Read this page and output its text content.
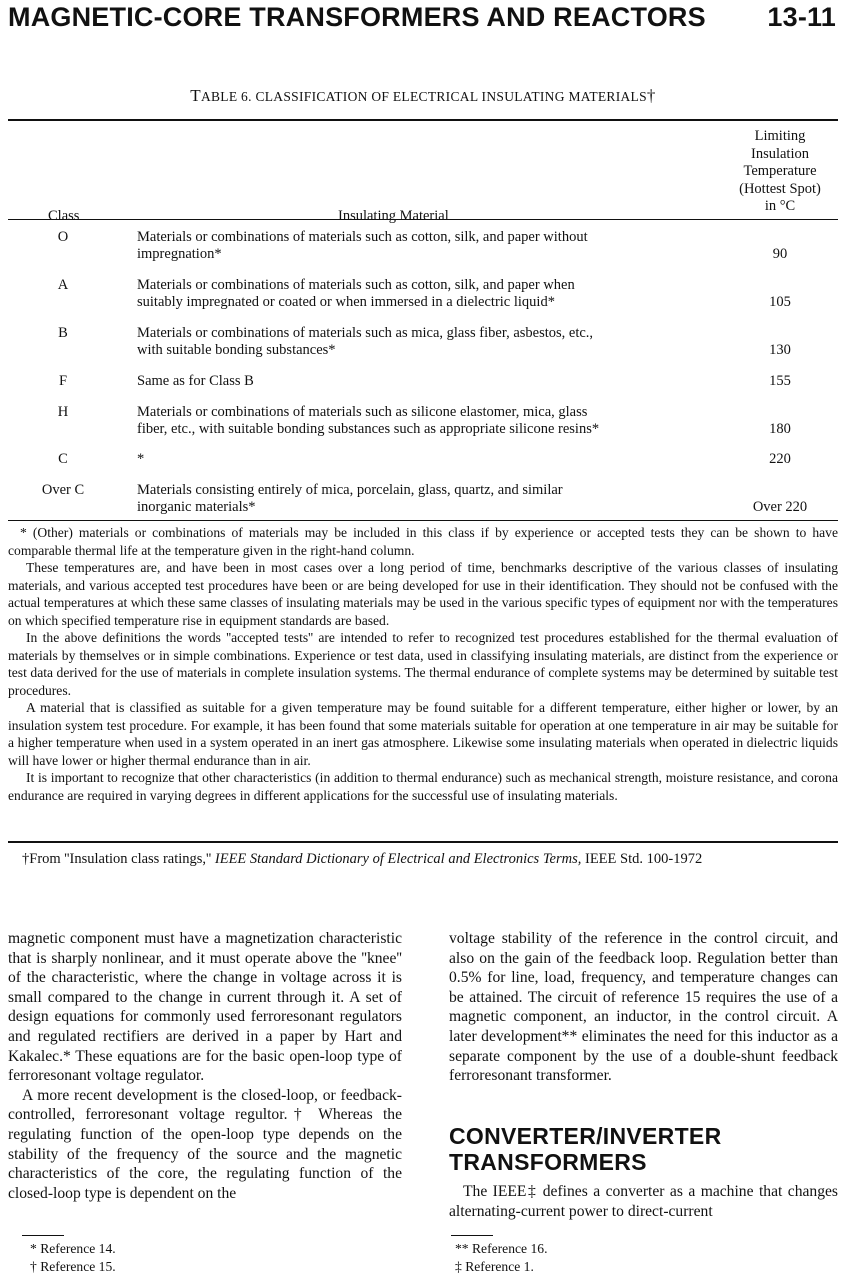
MAGNETIC-CORE TRANSFORMERS AND REACTORS 13-11
TABLE 6. CLASSIFICATION OF ELECTRICAL INSULATING MATERIALS†
Class	Insulating Material
Limiting
Insulation
Temperature
(Hottest Spot)
in °C
O	Materials or combinations of materials such as cotton, silk, and paper without
impregnation*	90
A	Materials or combinations of materials such as cotton, silk, and paper when
suitably impregnated or coated or when immersed in a dielectric liquid*	105
B	Materials or combinations of materials such as mica, glass fiber, asbestos, etc.,
with suitable bonding substances*	130
F	Same as for Class B	155
H	Materials or combinations of materials such as silicone elastomer, mica, glass
fiber, etc., with suitable bonding substances such as appropriate silicone resins*	180
C	*	220
Over C	Materials consisting entirely of mica, porcelain, glass, quartz, and similar
inorganic materials*	Over 220

* (Other) materials or combinations of materials may be included in this class if by experience or accepted tests they can be shown to have comparable thermal life at the temperature given in the right-hand column.

These temperatures are, and have been in most cases over a long period of time, benchmarks descriptive of the various classes of insulating materials, and various accepted test procedures have been or are being developed for use in their identification. They should not be confused with the actual temperatures at which these same classes of insulating materials may be used in the various specific types of equipment nor with the temperatures on which specified temperature rise in equipment standards are based.

In the above definitions the words ''accepted tests'' are intended to refer to recognized test procedures established for the thermal evaluation of materials by themselves or in simple combinations. Experience or test data, used in classifying insulating materials, are distinct from the experience or test data derived for the use of materials in complete insulation systems. The thermal endurance of complete systems may be determined by suitable test procedures.

A material that is classified as suitable for a given temperature may be found suitable for a different temperature, either higher or lower, by an insulation system test procedure. For example, it has been found that some materials suitable for operation at one temperature in air may be suitable for a higher temperature when used in a system operated in an inert gas atmosphere. Likewise some insulating materials when operated in dielectric liquids will have lower or higher thermal endurance than in air.

It is important to recognize that other characteristics (in addition to thermal endurance) such as mechanical strength, moisture resistance, and corona endurance are required in varying degrees in different applications for the successful use of insulating materials.

†From ''Insulation class ratings,'' IEEE Standard Dictionary of Electrical and Electronics Terms, IEEE Std. 100-1972

magnetic component must have a magnetization characteristic that is sharply nonlinear, and it must operate above the ''knee'' of the characteristic, where the change in voltage across it is small compared to the change in current through it. A set of design equations for commonly used ferroresonant regulators and regulated rectifiers are derived in a paper by Hart and Kakalec.* These equations are for the basic open-loop type of ferroresonant voltage regulator.

A more recent development is the closed-loop, or feedback-controlled, ferroresonant voltage regultor.† Whereas the regulating function of the open-loop type depends on the stability of the frequency of the source and the magnetic characteristics of the core, the regulating function of the closed-loop type is dependent on the

voltage stability of the reference in the control circuit, and also on the gain of the feedback loop. Regulation better than 0.5% for line, load, frequency, and temperature changes can be attained. The circuit of reference 15 requires the use of a magnetic component, an inductor, in the control circuit. A later development** eliminates the need for this inductor as a separate component by the use of a double-shunt feedback ferroresonant transformer.

CONVERTER/INVERTER
TRANSFORMERS

The IEEE‡ defines a converter as a machine that changes alternating-current power to direct-current

* Reference 14.
† Reference 15.
** Reference 16.
‡ Reference 1.
